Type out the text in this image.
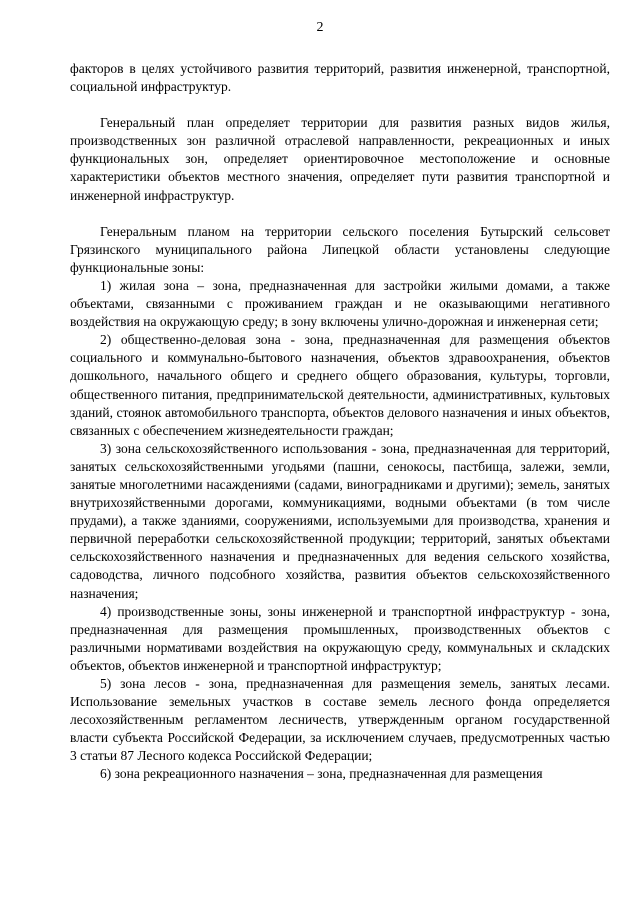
2

факторов в целях устойчивого развития территорий, развития инженерной, транспортной, социальной инфраструктур.

Генеральный план определяет территории для развития разных видов жилья, производственных зон различной отраслевой направленности, рекреационных и иных функциональных зон, определяет ориентировочное местоположение и основные характеристики объектов местного значения, определяет пути развития транспортной и инженерной инфраструктур.

Генеральным планом на территории сельского поселения Бутырский сельсовет Грязинского муниципального района Липецкой области установлены следующие функциональные зоны:

1) жилая зона – зона, предназначенная для застройки жилыми домами, а также объектами, связанными с проживанием граждан и не оказывающими негативного воздействия на окружающую среду; в зону включены улично-дорожная и инженерная сети;

2) общественно-деловая зона - зона, предназначенная для размещения объектов социального и коммунально-бытового назначения, объектов здравоохранения, объектов дошкольного, начального общего и среднего общего образования, культуры, торговли, общественного питания, предпринимательской деятельности, административных, культовых зданий, стоянок автомобильного транспорта, объектов делового назначения и иных объектов, связанных с обеспечением жизнедеятельности граждан;

3) зона сельскохозяйственного использования - зона, предназначенная для территорий, занятых сельскохозяйственными угодьями (пашни, сенокосы, пастбища, залежи, земли, занятые многолетними насаждениями (садами, виноградниками и другими); земель, занятых внутрихозяйственными дорогами, коммуникациями, водными объектами (в том числе прудами), а также зданиями, сооружениями, используемыми для производства, хранения и первичной переработки сельскохозяйственной продукции; территорий, занятых объектами сельскохозяйственного назначения и предназначенных для ведения сельского хозяйства, садоводства, личного подсобного хозяйства, развития объектов сельскохозяйственного назначения;

4) производственные зоны, зоны инженерной и транспортной инфраструктур - зона, предназначенная для размещения промышленных, производственных объектов с различными нормативами воздействия на окружающую среду, коммунальных и складских объектов, объектов инженерной и транспортной инфраструктур;

5) зона лесов - зона, предназначенная для размещения земель, занятых лесами. Использование земельных участков в составе земель лесного фонда определяется лесохозяйственным регламентом лесничеств, утвержденным органом государственной власти субъекта Российской Федерации, за исключением случаев, предусмотренных частью 3 статьи 87 Лесного кодекса Российской Федерации;

6) зона рекреационного назначения – зона, предназначенная для размещения
